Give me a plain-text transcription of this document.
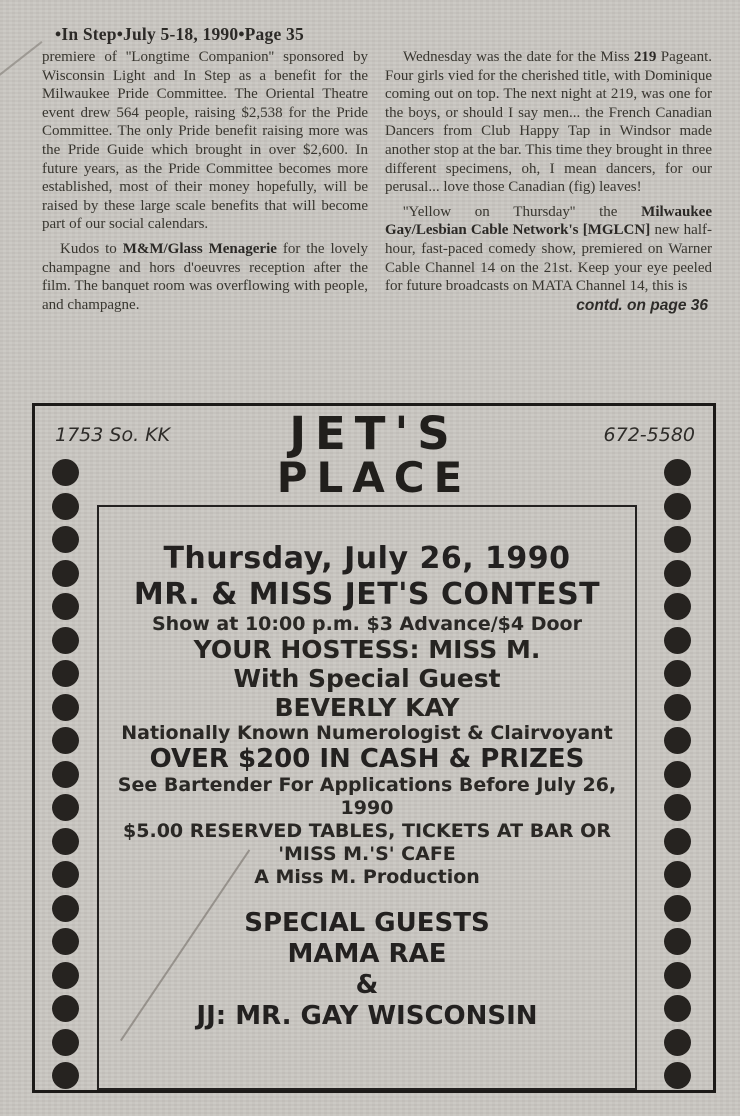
•In Step•July 5-18, 1990•Page 35

premiere of ''Longtime Companion'' sponsored by Wisconsin Light and In Step as a benefit for the Milwaukee Pride Committee. The Oriental Theatre event drew 564 people, raising $2,538 for the Pride Committee. The only Pride benefit raising more was the Pride Guide which brought in over $2,600. In future years, as the Pride Committee becomes more established, most of their money hopefully, will be raised by these large scale benefits that will become part of our social calendars.

Kudos to M&M/Glass Menagerie for the lovely champagne and hors d'oeuvres reception after the film. The banquet room was overflowing with people, and champagne.

Wednesday was the date for the Miss 219 Pageant. Four girls vied for the cherished title, with Dominique coming out on top. The next night at 219, was one for the boys, or should I say men... the French Canadian Dancers from Club Happy Tap in Windsor made another stop at the bar. This time they brought in three different specimens, oh, I mean dancers, for our perusal... love those Canadian (fig) leaves!

''Yellow on Thursday'' the Milwaukee Gay/Lesbian Cable Network's [MGLCN] new half-hour, fast-paced comedy show, premiered on Warner Cable Channel 14 on the 21st. Keep your eye peeled for future broadcasts on MATA Channel 14, this is

contd. on page 36

1753 So. KK	672-5580
JET'S
PLACE
Thursday, July 26, 1990
MR. & MISS JET'S CONTEST
Show at 10:00 p.m. $3 Advance/$4 Door
YOUR HOSTESS: MISS M.
With Special Guest
BEVERLY KAY
Nationally Known Numerologist & Clairvoyant
OVER $200 IN CASH & PRIZES
See Bartender For Applications Before July 26, 1990
$5.00 RESERVED TABLES, TICKETS AT BAR OR
'MISS M.'S' CAFE
A Miss M. Production
SPECIAL GUESTS
MAMA RAE
&
JJ: MR. GAY WISCONSIN
